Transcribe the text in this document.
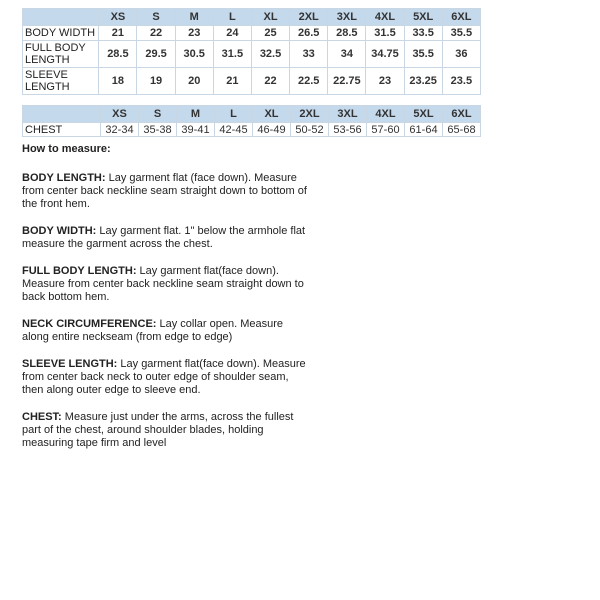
	XS	S	M	L	XL	2XL	3XL	4XL	5XL	6XL
BODY WIDTH	21	22	23	24	25	26.5	28.5	31.5	33.5	35.5
FULL BODY LENGTH	28.5	29.5	30.5	31.5	32.5	33	34	34.75	35.5	36
SLEEVE LENGTH	18	19	20	21	22	22.5	22.75	23	23.25	23.5
	XS	S	M	L	XL	2XL	3XL	4XL	5XL	6XL
CHEST	32-34	35-38	39-41	42-45	46-49	50-52	53-56	57-60	61-64	65-68
How to measure:

BODY LENGTH: Lay garment flat (face down). Measure from center back neckline seam straight down to bottom of the front hem.

BODY WIDTH: Lay garment flat. 1" below the armhole flat measure the garment across the chest.

FULL BODY LENGTH: Lay garment flat(face down). Measure from center back neckline seam straight down to back bottom hem.

NECK CIRCUMFERENCE: Lay collar open. Measure along entire neckseam (from edge to edge)

SLEEVE LENGTH: Lay garment flat(face down). Measure from center back neck to outer edge of shoulder seam, then along outer edge to sleeve end.

CHEST: Measure just under the arms, across the fullest part of the chest, around shoulder blades, holding measuring tape firm and level
